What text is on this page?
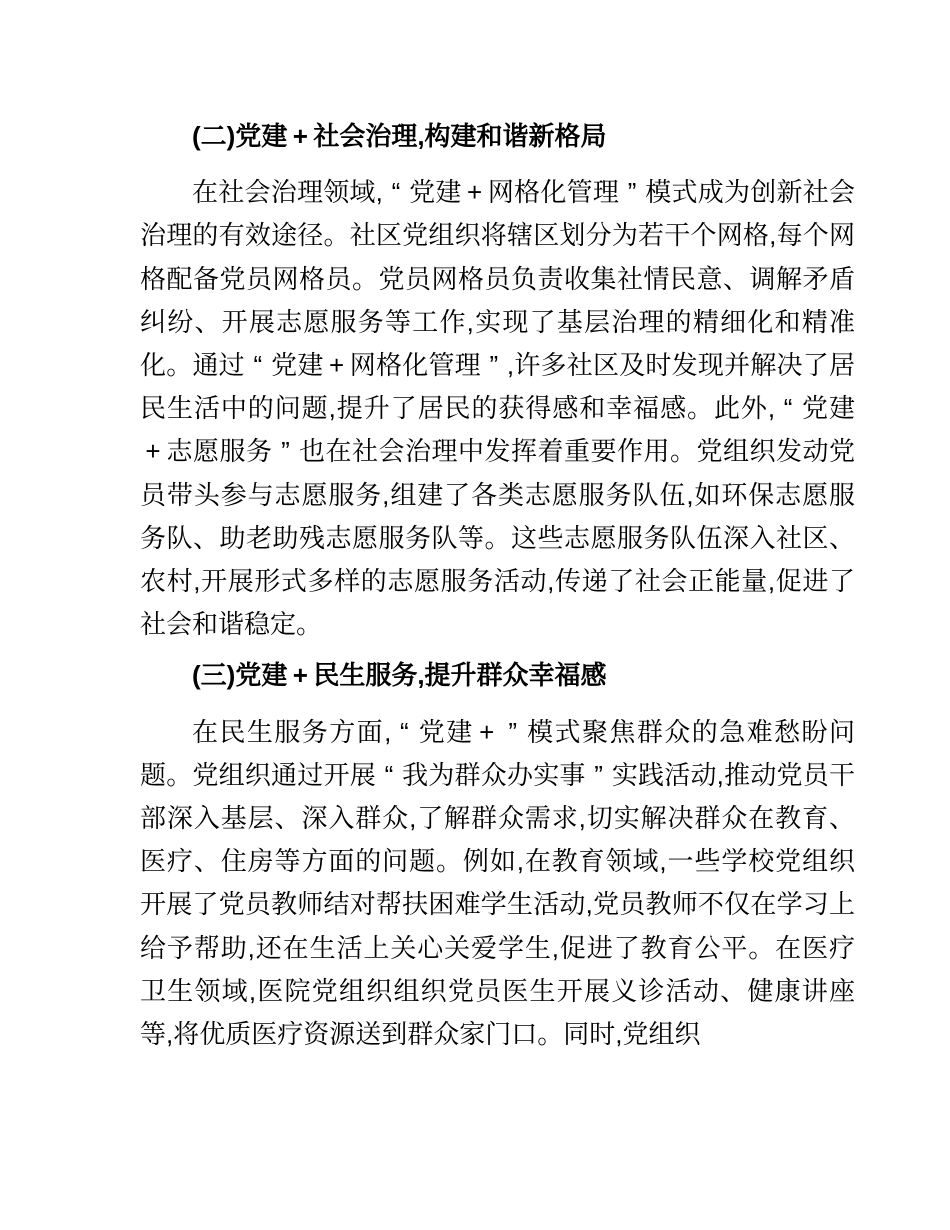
(二)党建 + 社会治理,构建和谐新格局

在社会治理领域, “ 党建 + 网格化管理 ” 模式成为创新社会治理的有效途径。社区党组织将辖区划分为若干个网格,每个网格配备党员网格员。党员网格员负责收集社情民意、调解矛盾纠纷、开展志愿服务等工作,实现了基层治理的精细化和精准化。通过 “ 党建 + 网格化管理 ” ,许多社区及时发现并解决了居民生活中的问题,提升了居民的获得感和幸福感。此外, “ 党建+ 志愿服务 ” 也在社会治理中发挥着重要作用。党组织发动党员带头参与志愿服务,组建了各类志愿服务队伍,如环保志愿服务队、助老助残志愿服务队等。这些志愿服务队伍深入社区、农村,开展形式多样的志愿服务活动,传递了社会正能量,促进了社会和谐稳定。

(三)党建 + 民生服务,提升群众幸福感

在民生服务方面, “ 党建 + ” 模式聚焦群众的急难愁盼问题。党组织通过开展 “ 我为群众办实事 ” 实践活动,推动党员干部深入基层、深入群众,了解群众需求,切实解决群众在教育、医疗、住房等方面的问题。例如,在教育领域,一些学校党组织开展了党员教师结对帮扶困难学生活动,党员教师不仅在学习上给予帮助,还在生活上关心关爱学生,促进了教育公平。在医疗卫生领域,医院党组织组织党员医生开展义诊活动、健康讲座等,将优质医疗资源送到群众家门口。同时,党组织
